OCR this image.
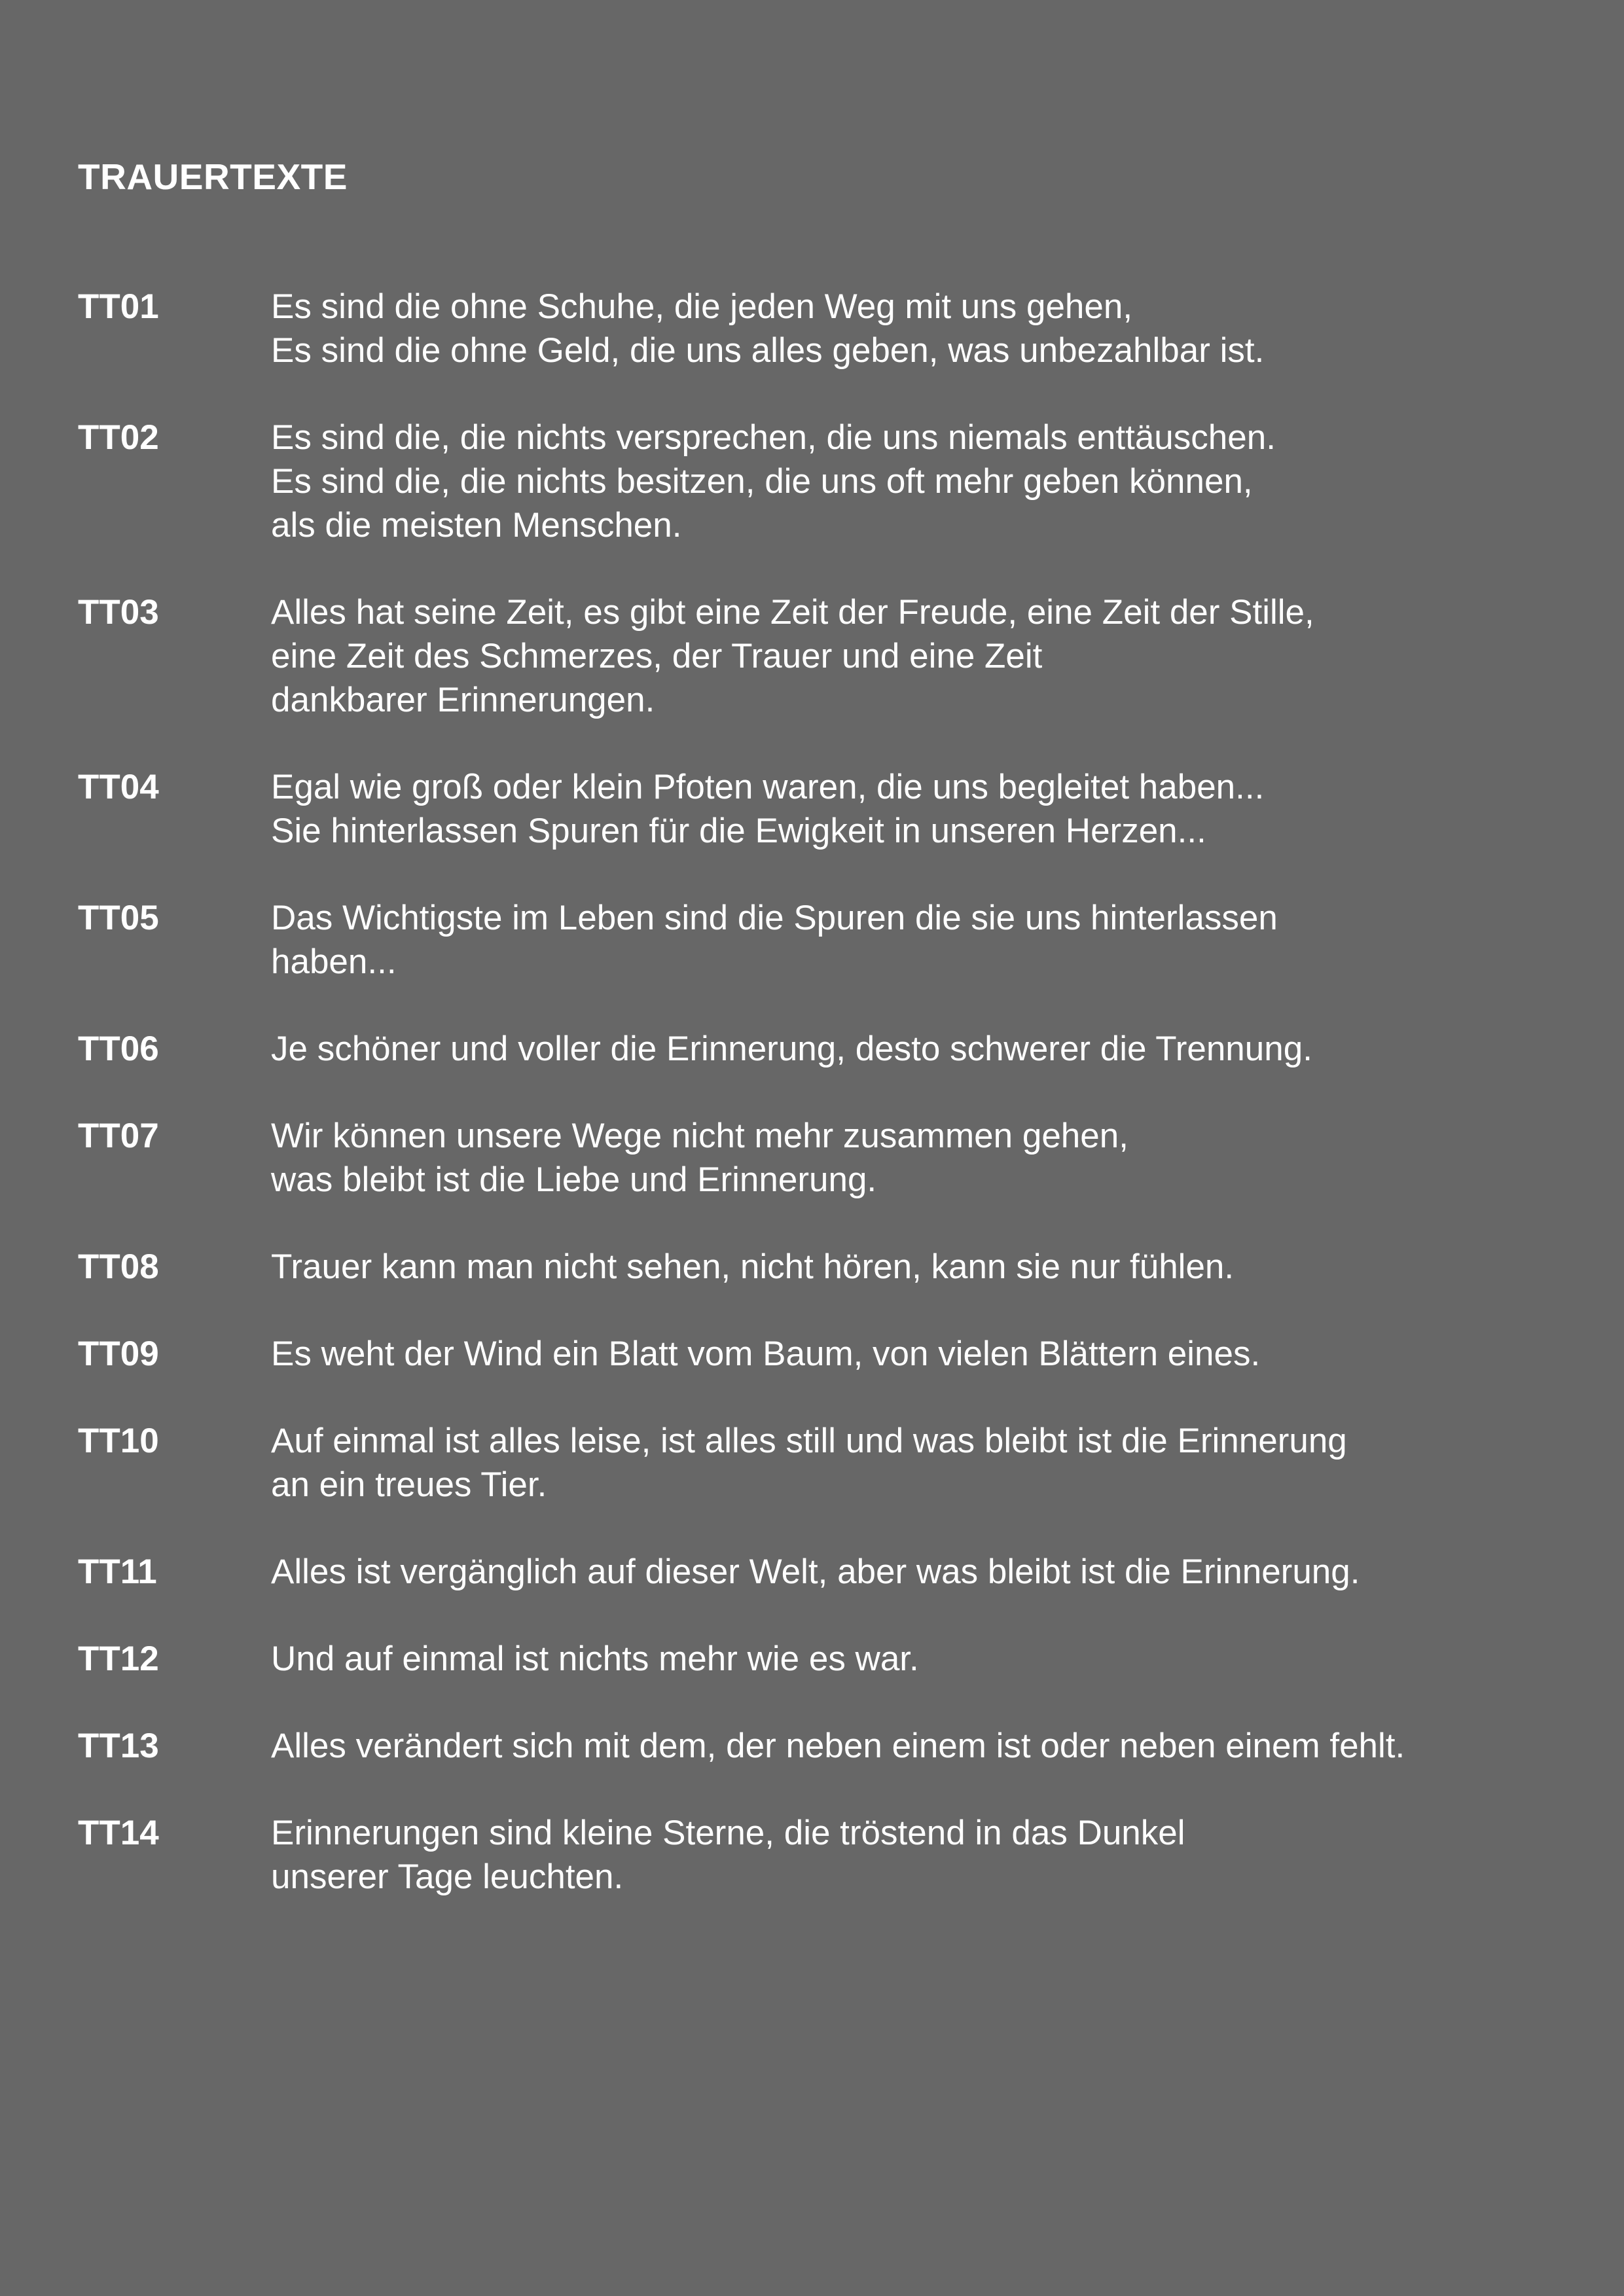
TRAUERTEXTE
TT01	Es sind die ohne Schuhe, die jeden Weg mit uns gehen,
Es sind die ohne Geld, die uns alles geben, was unbezahlbar ist.
TT02	Es sind die, die nichts versprechen, die uns niemals enttäuschen.
Es sind die, die nichts besitzen, die uns oft mehr geben können,
als die meisten Menschen.
TT03	Alles hat seine Zeit, es gibt eine Zeit der Freude, eine Zeit der Stille,
eine Zeit des Schmerzes, der Trauer und eine Zeit
dankbarer Erinnerungen.
TT04	Egal wie groß oder klein Pfoten waren, die uns begleitet haben...
Sie hinterlassen Spuren für die Ewigkeit in unseren Herzen...
TT05	Das Wichtigste im Leben sind die Spuren die sie uns hinterlassen
haben...
TT06	Je schöner und voller die Erinnerung, desto schwerer die Trennung.
TT07	Wir können unsere Wege nicht mehr zusammen gehen,
was bleibt ist die Liebe und Erinnerung.
TT08	Trauer kann man nicht sehen, nicht hören, kann sie nur fühlen.
TT09	Es weht der Wind ein Blatt vom Baum, von vielen Blättern eines.
TT10	Auf einmal ist alles leise, ist alles still und was bleibt ist die Erinnerung
an ein treues Tier.
TT11	Alles ist vergänglich auf dieser Welt, aber was bleibt ist die Erinnerung.
TT12	Und auf einmal ist nichts mehr wie es war.
TT13	Alles verändert sich mit dem, der neben einem ist oder neben einem fehlt.
TT14	Erinnerungen sind kleine Sterne, die tröstend in das Dunkel
unserer Tage leuchten.
